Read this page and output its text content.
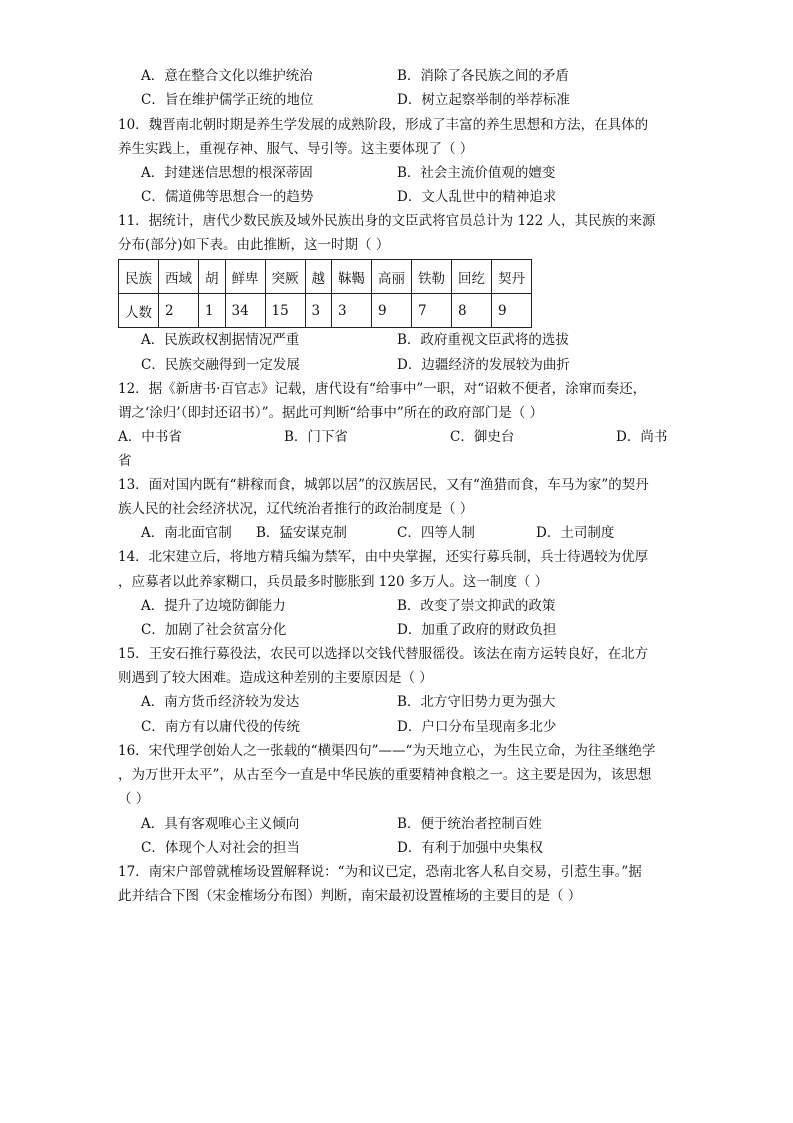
A．意在整合文化以维护统治	B．消除了各民族之间的矛盾
C．旨在维护儒学正统的地位	D．树立起察举制的举荐标准
10．魏晋南北朝时期是养生学发展的成熟阶段，形成了丰富的养生思想和方法，在具体的
养生实践上，重视存神、服气、导引等。这主要体现了（ ）
A．封建迷信思想的根深蒂固	B．社会主流价值观的嬗变
C．儒道佛等思想合一的趋势	D．文人乱世中的精神追求
11．据统计，唐代少数民族及域外民族出身的文臣武将官员总计为 122 人，其民族的来源
分布(部分)如下表。由此推断，这一时期（ ）
民族	西域	胡	鲜卑	突厥	越	靺鞨	高丽	铁勒	回纥	契丹
人数	2	1	34	15	3	3	9	7	8	9
A．民族政权割据情况严重	B．政府重视文臣武将的选拔
C．民族交融得到一定发展	D．边疆经济的发展较为曲折
12．据《新唐书·百官志》记载，唐代设有“给事中”一职，对“诏敕不便者，涂窜而奏还，
谓之‘涂归’（即封还诏书）”。据此可判断“给事中”所在的政府部门是（ ）
A．中书省	B．门下省	C．御史台	D．尚书
省
13．面对国内既有“耕稼而食，城郭以居”的汉族居民，又有“渔猎而食，车马为家”的契丹
族人民的社会经济状况，辽代统治者推行的政治制度是（ ）
A．南北面官制 B．猛安谋克制	C．四等人制	D．土司制度
14．北宋建立后，将地方精兵编为禁军，由中央掌握，还实行募兵制，兵士待遇较为优厚
，应募者以此养家糊口，兵员最多时膨胀到 120 多万人。这一制度（ ）
A．提升了边境防御能力	B．改变了崇文抑武的政策
C．加剧了社会贫富分化	D．加重了政府的财政负担
15．王安石推行募役法，农民可以选择以交钱代替服徭役。该法在南方运转良好，在北方
则遇到了较大困难。造成这种差别的主要原因是（ ）
A．南方货币经济较为发达	B．北方守旧势力更为强大
C．南方有以庸代役的传统	D．户口分布呈现南多北少
16．宋代理学创始人之一张载的“横渠四句”——“为天地立心，为生民立命，为往圣继绝学
，为万世开太平”，从古至今一直是中华民族的重要精神食粮之一。这主要是因为，该思想
（ ）
A．具有客观唯心主义倾向	B．便于统治者控制百姓
C．体现个人对社会的担当	D．有利于加强中央集权
17．南宋户部曾就榷场设置解释说：“为和议已定，恐南北客人私自交易，引惹生事。”据
此并结合下图（宋金榷场分布图）判断，南宋最初设置榷场的主要目的是（ ）
